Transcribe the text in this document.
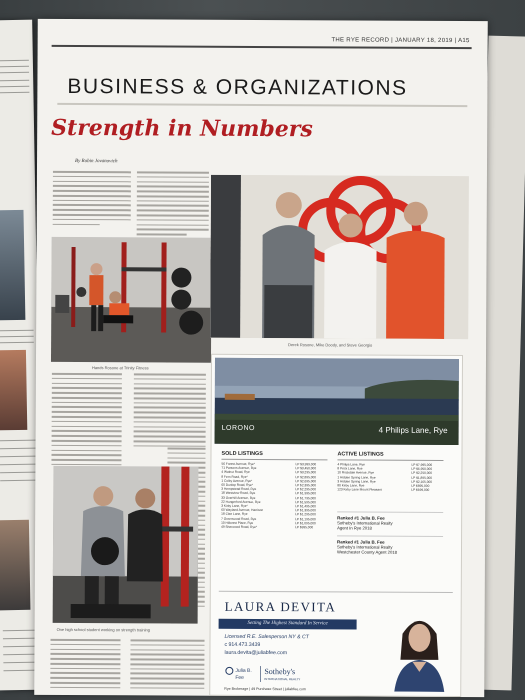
THE RYE RECORD | JANUARY 18, 2019 | A15
BUSINESS & ORGANIZATIONS
Strength in Numbers
By Robin Jovanovich
Hands Rosone at Trinity Fitness
Derek Rosone, Mike Doody, and Steve Georgio
One high school student working on strength training
LORONO	4 Philips Lane, Rye
SOLD LISTINGS	ACTIVE LISTINGS
56 Forest Avenue, Rye*	LP $3,999,000
71 Parsons Avenue, Rye	LP $3,450,000
4 Walnut Road, Rye	LP $3,295,000
8 Fern Road, Rye*	LP $2,895,000
1 Colby Avenue, Rye*	LP $2,695,000
60 Dunlop Road, Rye*	LP $2,395,000
3 Hempstead Road, Rye	LP $2,295,000
18 Westview Road, Rye	LP $1,995,000
33 Overhill Avenue, Rye	LP $1,795,000
22 Hungerford Avenue, Rye	LP $1,595,000
3 Kirby Lane, Rye*	LP $1,495,000
60 Wayland Avenue, Harrison	LP $1,395,000
18 Clee Lane, Rye	LP $1,295,000
7 Greenwood Road, Rye	LP $1,195,000
10 Hillcrest Place, Rye	LP $1,095,000
49 Sherwood Road, Rye*	LP $995,000
4 Philips Lane, Rye	LP $7,995,000
8 Peck Lane, Rye	LP $6,950,000
10 Rockdale Avenue, Rye	LP $2,250,000
1 Hidden Spring Lane, Rye	LP $1,895,000
3 Hidden Spring Lane, Rye	LP $2,165,000
80 Kirby Lane, Rye	LP $895,000
123 Kirby Lane Mount Pleasant	LP $699,000
Ranked #1 Julia B. Fee
Sotheby's International Realty
Agent In Rye 2018
Ranked #1 Julia B. Fee
Sotheby's International Realty
Westchester County Agent 2018
LAURA DEVITA
Setting The Highest Standard In Service
Licensed R.E. Salesperson NY & CT
c 914.473.3439
laura.devita@juliabfee.com
Julia B.
Fee
Sotheby's
INTERNATIONAL REALTY
Rye Brokerage | 49 Purchase Street | juliabfee.com
